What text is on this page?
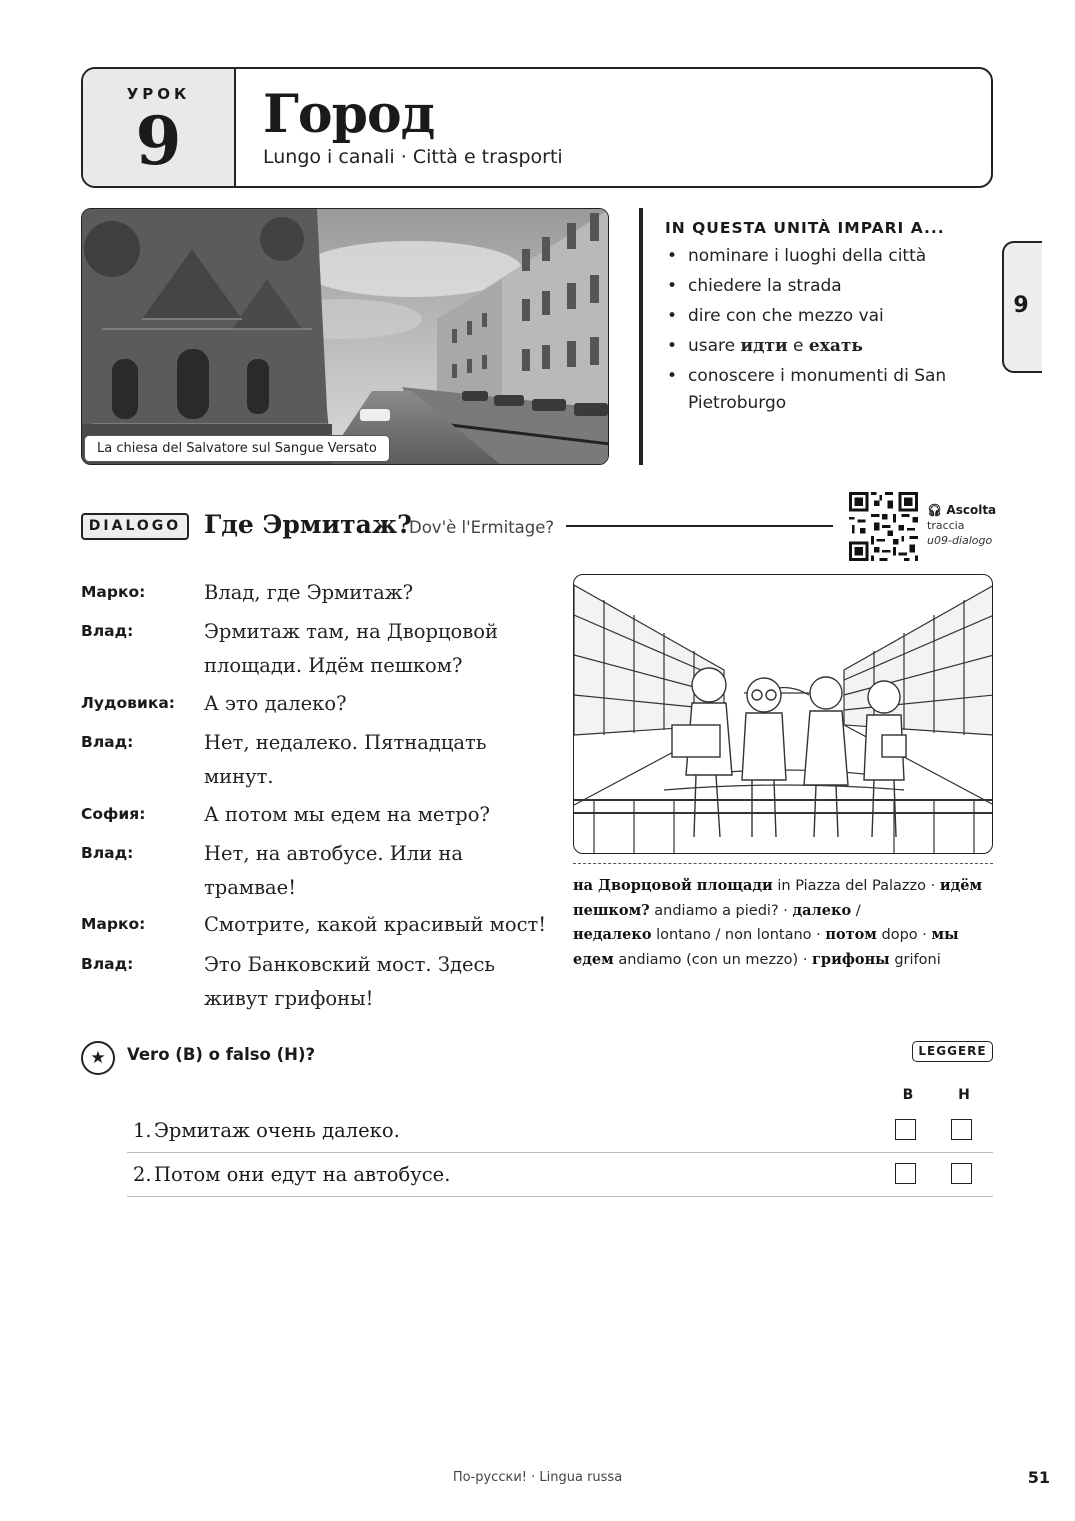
УРОК
9	Город
Lungo i canali · Città e trasporti
La chiesa del Salvatore sul Sangue Versato
IN QUESTA UNITÀ IMPARI A...
• nominare i luoghi della città
• chiedere la strada
• dire con che mezzo vai
• usare идти e ехать
• conoscere i monumenti di San Pietroburgo
9
DIALOGO Где Эрмитаж?
Dov'è l'Ermitage?
🎧︎ Ascolta
traccia
u09-dialogo
Марко:	Влад, где Эрмитаж?
Влад:	Эрмитаж там, на Дворцовой площади. Идём пешком?
Лудовика: А это далеко?
Влад:	Нет, недалеко. Пятнадцать минут.
София:	А потом мы едем на метро?
Влад:	Нет, на автобусе. Или на трамвае!
Марко:	Смотрите, какой красивый мост!
Влад:	Это Банковский мост. Здесь живут грифоны!
на Дворцовой площади in Piazza del Palazzo · идём пешком? andiamo a piedi? · далеко /
недалеко lontano / non lontano · потом dopo · мы едем andiamo (con un mezzo) · грифоны grifoni
★	Vero (В) o falso (Н)?	LEGGERE
В	Н
1. Эрмитаж очень далеко.
2. Потом они едут на автобусе.
По-русски! · Lingua russa	51
